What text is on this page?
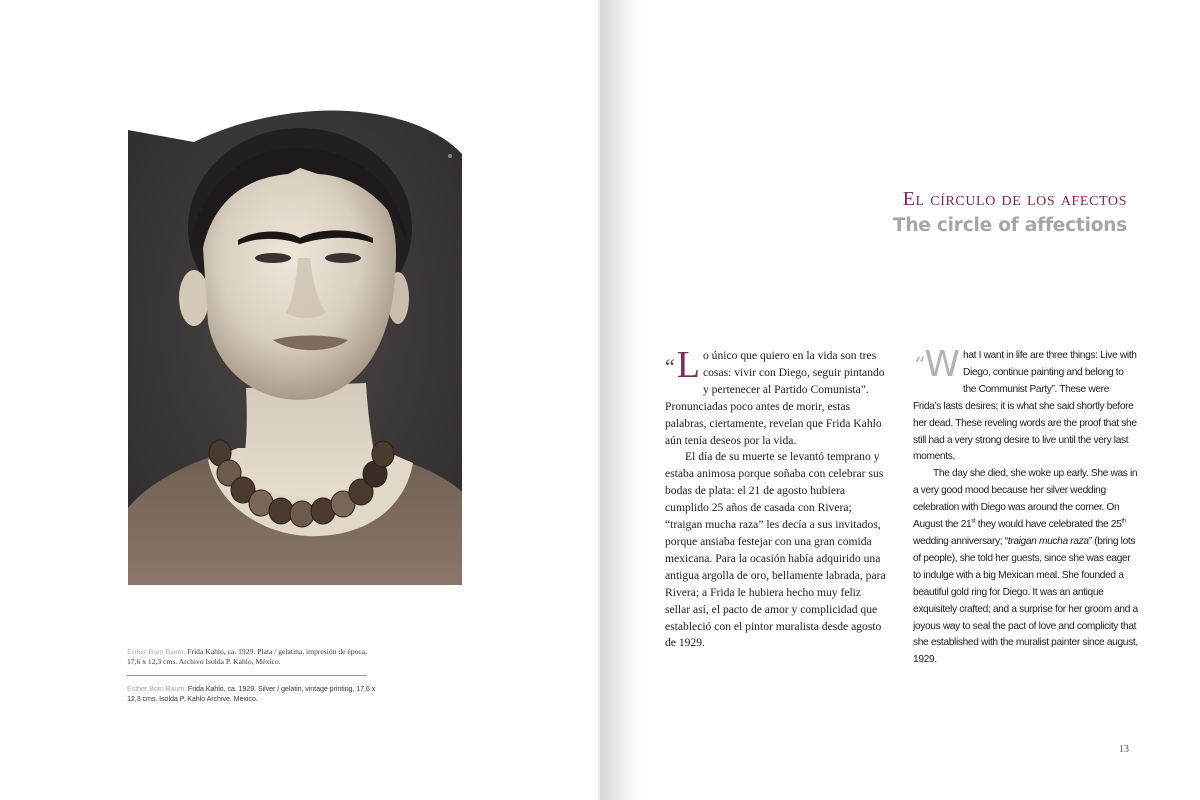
Esther Born Baum. Frida Kahlo, ca. 1929. Plata / gelatina, impresión de época, 17,6 x 12,3 cms. Archivo Isolda P. Kahlo, México.
Esther Born Baum. Frida Kahlo, ca. 1929. Silver / gelatin, vintage printing, 17,6 x 12,3 cms. Isolda P. Kahlo Archive. Mexico.
El círculo de los afectos
The circle of affections

“L o único que quiero en la vida son tres cosas: vivir con Diego, seguir pintando y pertenecer al Partido Comunista”. Pronunciadas poco antes de morir, estas palabras, ciertamente, revelan que Frida Kahlo aún tenía deseos por la vida.

El día de su muerte se levantó temprano y estaba animosa porque soñaba con celebrar sus bodas de plata: el 21 de agosto hubiera cumplido 25 años de casada con Rivera; “traigan mucha raza” les decía a sus invitados, porque ansiaba festejar con una gran comida mexicana. Para la ocasión había adquirido una antigua argolla de oro, bellamente labrada, para Rivera; a Frida le hubiera hecho muy feliz sellar así, el pacto de amor y complicidad que estableció con el pintor muralista desde agosto de 1929.

“W hat I want in life are three things: Live with Diego, continue painting and belong to the Communist Party”. These were Frida’s lasts desires; it is what she said shortly before her dead. These reveling words are the proof that she still had a very strong desire to live until the very last moments.

The day she died, she woke up early. She was in a very good mood because her silver wedding celebration with Diego was around the corner. On August the 21st they would have celebrated the 25th wedding anniversary; “traigan mucha raza” (bring lots of people), she told her guests, since she was eager to indulge with a big Mexican meal. She founded a beautiful gold ring for Diego. It was an antique exquisitely crafted; and a surprise for her groom and a joyous way to seal the pact of love and complicity that she established with the muralist painter since august, 1929.

13
